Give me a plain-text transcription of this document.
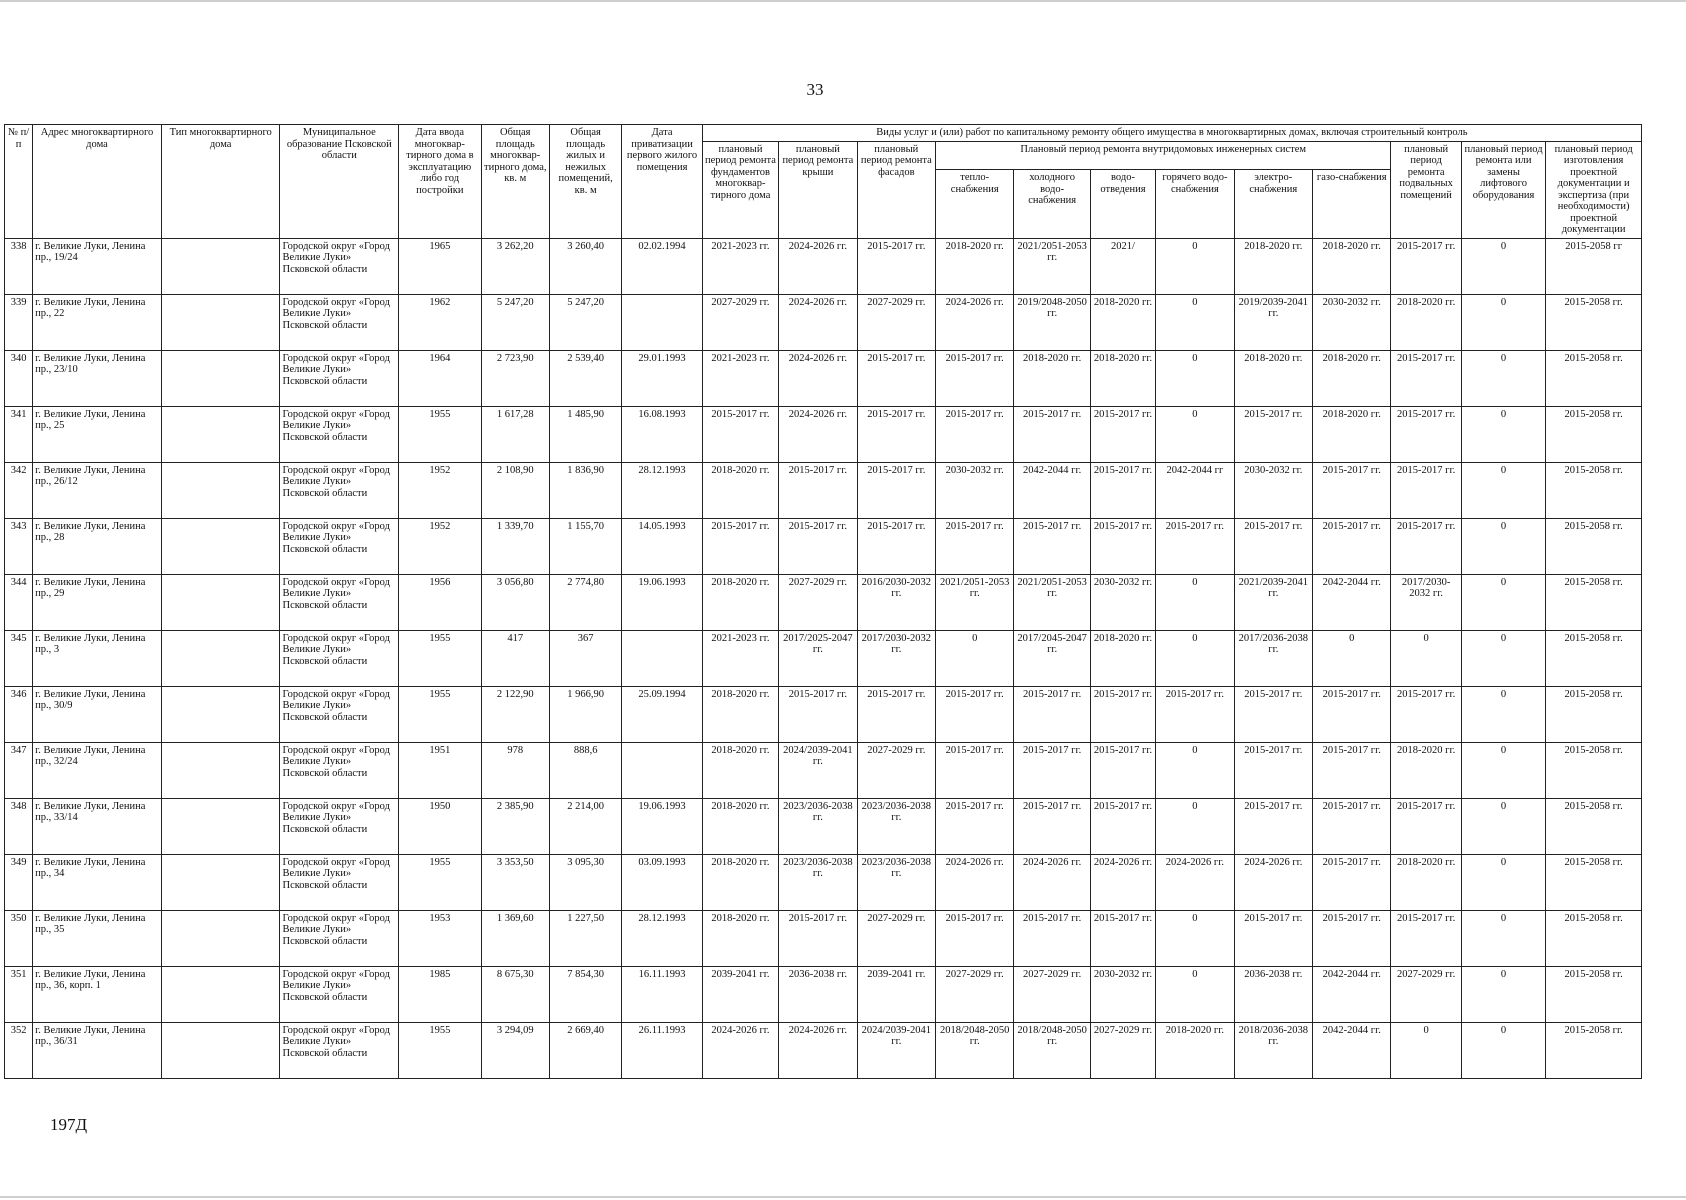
33
№ п/п	Адрес многоквартирного дома	Тип многоквартирного дома	Муниципальное образование Псковской области	Дата ввода многоквар-тирного дома в эксплуатацию либо год постройки	Общая площадь многоквар-тирного дома, кв. м	Общая площадь жилых и нежилых помещений, кв. м	Дата приватизации первого жилого помещения	Виды услуг и (или) работ по капитальному ремонту общего имущества в многоквартирных домах, включая строительный контроль											
								плановый период ремонта фундаментов многоквар-тирного дома	плановый период ремонта крыши	плановый период ремонта фасадов	Плановый период ремонта внутридомовых инженерных систем						плановый период ремонта подвальных помещений	плановый период ремонта или замены лифтового оборудования	плановый период изготовления проектной документации и экспертиза (при необходимости) проектной документации
											тепло-снабжения	холодного водо-снабжения	водо-отведения	горячего водо-снабжения	электро-снабжения	газо-снабжения			
338	г. Великие Луки, Ленина пр., 19/24		Городской округ «Город Великие Луки» Псковской области	1965	3 262,20	3 260,40	02.02.1994	2021-2023 гг.	2024-2026 гг.	2015-2017 гг.	2018-2020 гг.	2021/2051-2053 гг.	2021/	0	2018-2020 гг.	2018-2020 гг.	2015-2017 гг.	0	2015-2058 гг
339	г. Великие Луки, Ленина пр., 22		Городской округ «Город Великие Луки» Псковской области	1962	5 247,20	5 247,20		2027-2029 гг.	2024-2026 гг.	2027-2029 гг.	2024-2026 гг.	2019/2048-2050 гг.	2018-2020 гг.	0	2019/2039-2041 гг.	2030-2032 гг.	2018-2020 гг.	0	2015-2058 гг.
340	г. Великие Луки, Ленина пр., 23/10		Городской округ «Город Великие Луки» Псковской области	1964	2 723,90	2 539,40	29.01.1993	2021-2023 гг.	2024-2026 гг.	2015-2017 гг.	2015-2017 гг.	2018-2020 гг.	2018-2020 гг.	0	2018-2020 гг.	2018-2020 гг.	2015-2017 гг.	0	2015-2058 гг.
341	г. Великие Луки, Ленина пр., 25		Городской округ «Город Великие Луки» Псковской области	1955	1 617,28	1 485,90	16.08.1993	2015-2017 гг.	2024-2026 гг.	2015-2017 гг.	2015-2017 гг.	2015-2017 гг.	2015-2017 гг.	0	2015-2017 гг.	2018-2020 гг.	2015-2017 гг.	0	2015-2058 гг.
342	г. Великие Луки, Ленина пр., 26/12		Городской округ «Город Великие Луки» Псковской области	1952	2 108,90	1 836,90	28.12.1993	2018-2020 гг.	2015-2017 гг.	2015-2017 гг.	2030-2032 гг.	2042-2044 гг.	2015-2017 гг.	2042-2044 гг	2030-2032 гг.	2015-2017 гг.	2015-2017 гг.	0	2015-2058 гг.
343	г. Великие Луки, Ленина пр., 28		Городской округ «Город Великие Луки» Псковской области	1952	1 339,70	1 155,70	14.05.1993	2015-2017 гг.	2015-2017 гг.	2015-2017 гг.	2015-2017 гг.	2015-2017 гг.	2015-2017 гг.	2015-2017 гг.	2015-2017 гг.	2015-2017 гг.	2015-2017 гг.	0	2015-2058 гг.
344	г. Великие Луки, Ленина пр., 29		Городской округ «Город Великие Луки» Псковской области	1956	3 056,80	2 774,80	19.06.1993	2018-2020 гг.	2027-2029 гг.	2016/2030-2032 гг.	2021/2051-2053 гг.	2021/2051-2053 гг.	2030-2032 гг.	0	2021/2039-2041 гг.	2042-2044 гг.	2017/2030-2032 гг.	0	2015-2058 гг.
345	г. Великие Луки, Ленина пр., 3		Городской округ «Город Великие Луки» Псковской области	1955	417	367		2021-2023 гг.	2017/2025-2047 гг.	2017/2030-2032 гг.	0	2017/2045-2047 гг.	2018-2020 гг.	0	2017/2036-2038 гг.	0	0	0	2015-2058 гг.
346	г. Великие Луки, Ленина пр., 30/9		Городской округ «Город Великие Луки» Псковской области	1955	2 122,90	1 966,90	25.09.1994	2018-2020 гг.	2015-2017 гг.	2015-2017 гг.	2015-2017 гг.	2015-2017 гг.	2015-2017 гг.	2015-2017 гг.	2015-2017 гг.	2015-2017 гг.	2015-2017 гг.	0	2015-2058 гг.
347	г. Великие Луки, Ленина пр., 32/24		Городской округ «Город Великие Луки» Псковской области	1951	978	888,6		2018-2020 гг.	2024/2039-2041 гг.	2027-2029 гг.	2015-2017 гг.	2015-2017 гг.	2015-2017 гг.	0	2015-2017 гг.	2015-2017 гг.	2018-2020 гг.	0	2015-2058 гг.
348	г. Великие Луки, Ленина пр., 33/14		Городской округ «Город Великие Луки» Псковской области	1950	2 385,90	2 214,00	19.06.1993	2018-2020 гг.	2023/2036-2038 гг.	2023/2036-2038 гг.	2015-2017 гг.	2015-2017 гг.	2015-2017 гг.	0	2015-2017 гг.	2015-2017 гг.	2015-2017 гг.	0	2015-2058 гг.
349	г. Великие Луки, Ленина пр., 34		Городской округ «Город Великие Луки» Псковской области	1955	3 353,50	3 095,30	03.09.1993	2018-2020 гг.	2023/2036-2038 гг.	2023/2036-2038 гг.	2024-2026 гг.	2024-2026 гг.	2024-2026 гг.	2024-2026 гг.	2024-2026 гг.	2015-2017 гг.	2018-2020 гг.	0	2015-2058 гг.
350	г. Великие Луки, Ленина пр., 35		Городской округ «Город Великие Луки» Псковской области	1953	1 369,60	1 227,50	28.12.1993	2018-2020 гг.	2015-2017 гг.	2027-2029 гг.	2015-2017 гг.	2015-2017 гг.	2015-2017 гг.	0	2015-2017 гг.	2015-2017 гг.	2015-2017 гг.	0	2015-2058 гг.
351	г. Великие Луки, Ленина пр., 36, корп. 1		Городской округ «Город Великие Луки» Псковской области	1985	8 675,30	7 854,30	16.11.1993	2039-2041 гг.	2036-2038 гг.	2039-2041 гг.	2027-2029 гг.	2027-2029 гг.	2030-2032 гг.	0	2036-2038 гг.	2042-2044 гг.	2027-2029 гг.	0	2015-2058 гг.
352	г. Великие Луки, Ленина пр., 36/31		Городской округ «Город Великие Луки» Псковской области	1955	3 294,09	2 669,40	26.11.1993	2024-2026 гг.	2024-2026 гг.	2024/2039-2041 гг.	2018/2048-2050 гг.	2018/2048-2050 гг.	2027-2029 гг.	2018-2020 гг.	2018/2036-2038 гг.	2042-2044 гг.	0	0	2015-2058 гг.
197Д
